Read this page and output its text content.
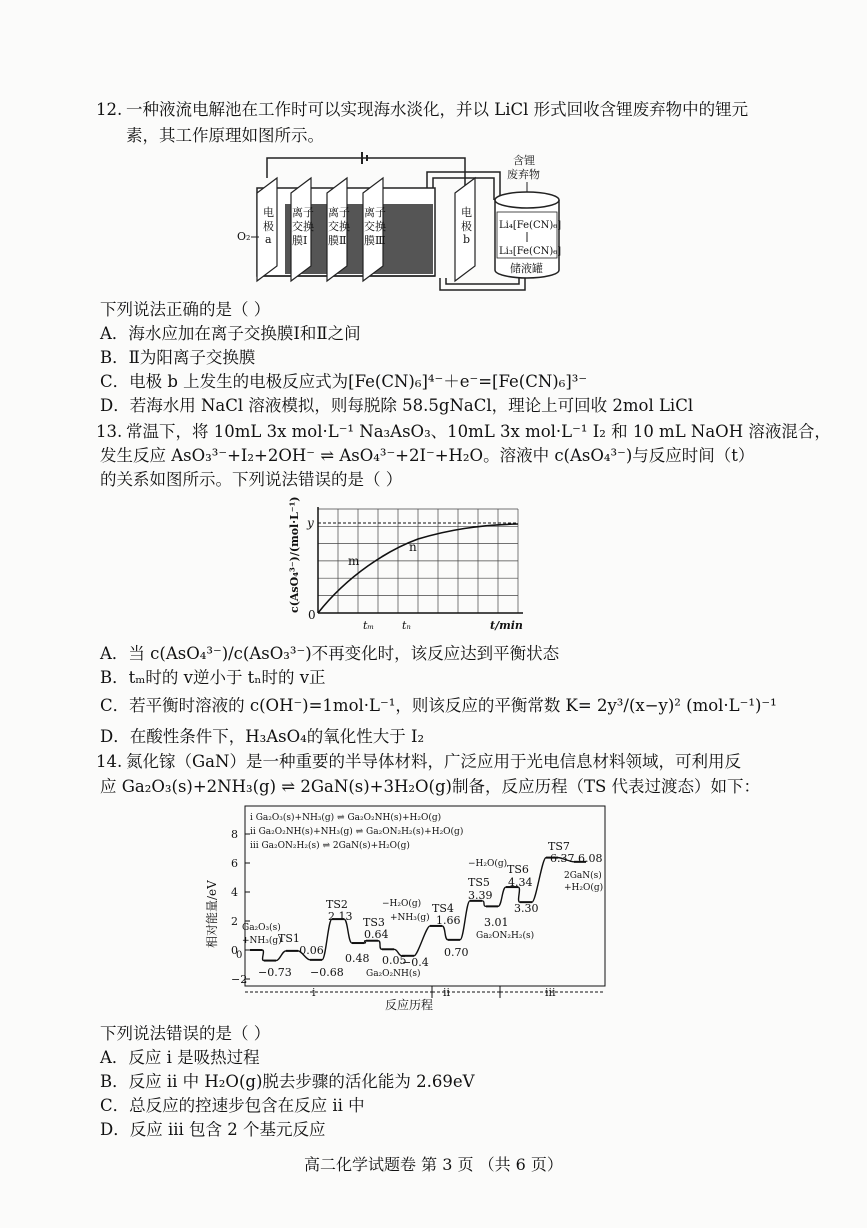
12. 一种液流电解池在工作时可以实现海水淡化，并以 LiCl 形式回收含锂废弃物中的锂元
素，其工作原理如图所示。
电
极
a
O₂
离子
交换
膜Ⅰ
离子
交换
膜Ⅱ
离子
交换
膜Ⅲ
电
极
b
含锂
废弃物
Li₄[Fe(CN)₆]
Li₃[Fe(CN)₆]
储液罐
下列说法正确的是（ ）
A．海水应加在离子交换膜Ⅰ和Ⅱ之间
B．Ⅱ为阳离子交换膜
C．电极 b 上发生的电极反应式为[Fe(CN)₆]⁴⁻＋e⁻=[Fe(CN)₆]³⁻
D．若海水用 NaCl 溶液模拟，则每脱除 58.5gNaCl，理论上可回收 2mol LiCl
13. 常温下，将 10mL 3x mol·L⁻¹ Na₃AsO₃、10mL 3x mol·L⁻¹ I₂ 和 10 mL NaOH 溶液混合，
发生反应 AsO₃³⁻+I₂+2OH⁻ ⇌ AsO₄³⁻+2I⁻+H₂O。溶液中 c(AsO₄³⁻)与反应时间（t）
的关系如图所示。下列说法错误的是（ ）
c(AsO₄³⁻)/(mol·L⁻¹) y
0
m
n
tₘ	tₙ	t/min
A．当 c(AsO₄³⁻)/c(AsO₃³⁻)不再变化时，该反应达到平衡状态
B．tₘ时的 v逆小于 tₙ时的 v正
C．若平衡时溶液的 c(OH⁻)=1mol·L⁻¹，则该反应的平衡常数 K= 2y³/(x−y)² (mol·L⁻¹)⁻¹
D．在酸性条件下，H₃AsO₄的氧化性大于 I₂
14. 氮化镓（GaN）是一种重要的半导体材料，广泛应用于光电信息材料领域，可利用反
应 Ga₂O₃(s)+2NH₃(g) ⇌ 2GaN(s)+3H₂O(g)制备，反应历程（TS 代表过渡态）如下：
8
6
4
2
0
−2
相对能量/eV
i Ga₂O₃(s)+NH₃(g) ⇌ Ga₂O₂NH(s)+H₂O(g)
ii Ga₂O₂NH(s)+NH₃(g) ⇌ Ga₂ON₂H₂(s)+H₂O(g)
iii Ga₂ON₂H₂(s) ⇌ 2GaN(s)+H₂O(g)
Ga₂O₃(s)
+NH₃(g)
TS1
TS2
TS3
TS4
TS5
TS6
TS7
0
−0.73
−0.06
−0.68
2.13
0.48
0.64
0.05
−0.4
1.66
0.70
3.39
3.01
4.34
3.30
6.37 6.08
−H₂O(g)
+NH₃(g)
−H₂O(g)
Ga₂O₂NH(s)
Ga₂ON₂H₂(s)
2GaN(s)
+H₂O(g)
i	ii	iii
反应历程
下列说法错误的是（ ）
A．反应 i 是吸热过程
B．反应 ii 中 H₂O(g)脱去步骤的活化能为 2.69eV
C．总反应的控速步包含在反应 ii 中
D．反应 iii 包含 2 个基元反应
高二化学试题卷 第 3 页 （共 6 页）
